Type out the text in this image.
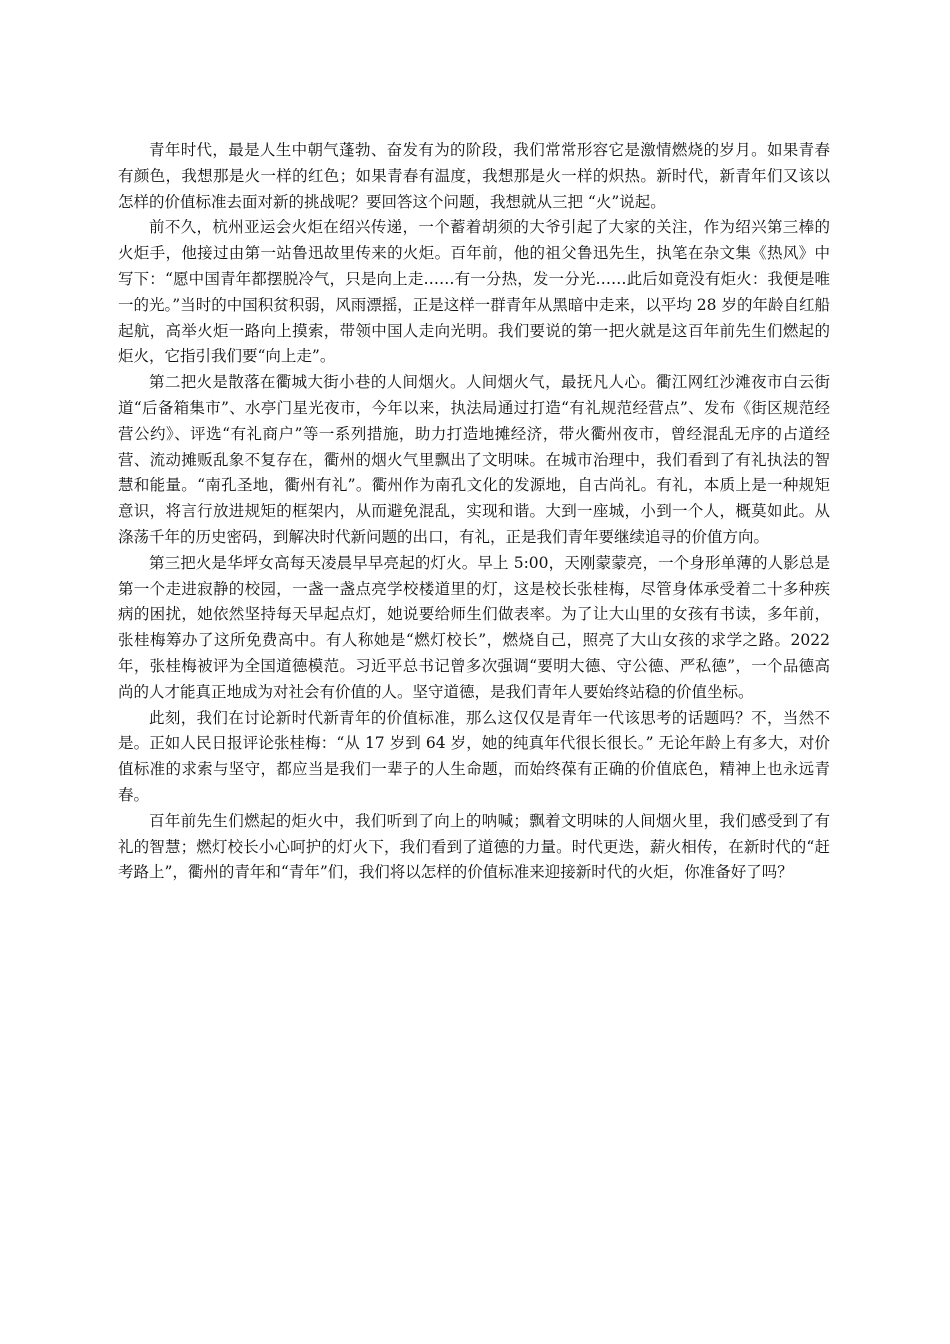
青年时代，最是人生中朝气蓬勃、奋发有为的阶段，我们常常形容它是激情燃烧的岁月。如果青春有颜色，我想那是火一样的红色；如果青春有温度，我想那是火一样的炽热。新时代，新青年们又该以怎样的价值标准去面对新的挑战呢？要回答这个问题，我想就从三把 “火”说起。

前不久，杭州亚运会火炬在绍兴传递，一个蓄着胡须的大爷引起了大家的关注，作为绍兴第三棒的火炬手，他接过由第一站鲁迅故里传来的火炬。百年前，他的祖父鲁迅先生，执笔在杂文集《热风》中写下：“愿中国青年都摆脱冷气，只是向上走……有一分热，发一分光……此后如竟没有炬火：我便是唯一的光。”当时的中国积贫积弱，风雨漂摇，正是这样一群青年从黑暗中走来，以平均 28 岁的年龄自红船起航，高举火炬一路向上摸索，带领中国人走向光明。我们要说的第一把火就是这百年前先生们燃起的炬火，它指引我们要“向上走”。

第二把火是散落在衢城大街小巷的人间烟火。人间烟火气，最抚凡人心。衢江网红沙滩夜市白云街道“后备箱集市”、水亭门星光夜市，今年以来，执法局通过打造“有礼规范经营点”、发布《街区规范经营公约》、评选“有礼商户”等一系列措施，助力打造地摊经济，带火衢州夜市，曾经混乱无序的占道经营、流动摊贩乱象不复存在，衢州的烟火气里飘出了文明味。在城市治理中，我们看到了有礼执法的智慧和能量。“南孔圣地，衢州有礼”。衢州作为南孔文化的发源地，自古尚礼。有礼，本质上是一种规矩意识，将言行放进规矩的框架内，从而避免混乱，实现和谐。大到一座城，小到一个人，概莫如此。从涤荡千年的历史密码，到解决时代新问题的出口，有礼，正是我们青年要继续追寻的价值方向。

第三把火是华坪女高每天凌晨早早亮起的灯火。早上 5:00，天刚蒙蒙亮，一个身形单薄的人影总是第一个走进寂静的校园，一盏一盏点亮学校楼道里的灯，这是校长张桂梅，尽管身体承受着二十多种疾病的困扰，她依然坚持每天早起点灯，她说要给师生们做表率。为了让大山里的女孩有书读，多年前，张桂梅筹办了这所免费高中。有人称她是“燃灯校长”，燃烧自己，照亮了大山女孩的求学之路。2022 年，张桂梅被评为全国道德模范。习近平总书记曾多次强调“要明大德、守公德、严私德”，一个品德高尚的人才能真正地成为对社会有价值的人。坚守道德，是我们青年人要始终站稳的价值坐标。

此刻，我们在讨论新时代新青年的价值标准，那么这仅仅是青年一代该思考的话题吗？不，当然不是。正如人民日报评论张桂梅：“从 17 岁到 64 岁，她的纯真年代很长很长。” 无论年龄上有多大，对价值标准的求索与坚守，都应当是我们一辈子的人生命题，而始终葆有正确的价值底色，精神上也永远青春。

百年前先生们燃起的炬火中，我们听到了向上的呐喊；飘着文明味的人间烟火里，我们感受到了有礼的智慧；燃灯校长小心呵护的灯火下，我们看到了道德的力量。时代更迭，薪火相传，在新时代的“赶考路上”，衢州的青年和“青年”们，我们将以怎样的价值标准来迎接新时代的火炬，你准备好了吗？
